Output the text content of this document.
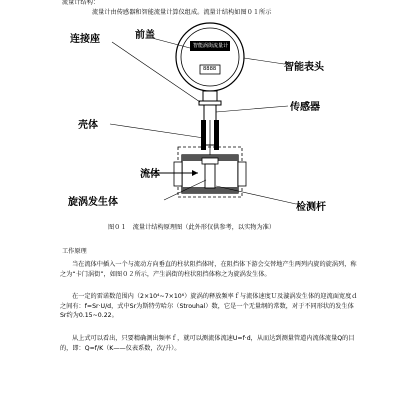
流量计结构：
流量计由传感器和智能流量计算仪组成。流量计结构如图０１所示
智能涡街流量计
8888
连接座	前盖
智能表头
传感器
壳体
流体
旋涡发生体	检测杆
图０１　流量计结构原理图（此外形仅供参考，以实物为准）
工作原理
当在流体中插入一个与流动方向垂直的柱状阻挡体时，在阻挡体下游会交替地产生两列内旋的旋涡列，称之为“卡门涡街”，如图０２所示，产生涡街的柱状阻挡体称之为旋涡发生体。
在一定的雷诺数范围内（2×10⁴~7×10⁶）旋涡的释放频率ｆ与流体速度Ｕ及漩涡发生体的迎流面宽度ｄ之间有：f=Sr·U/d，式中Sr为斯特劳哈尔（Strouhal）数，它是一个无量纲的常数，对于不同形状的发生体Sr约为0.15~0.22。
从上式可以看出，只要精确测出频率ｆ，就可以测流体流速U=f·d，从而达到测量管道内流体流量Q的目的，即：Q=f/K（K——仪表系数，次/升）。
